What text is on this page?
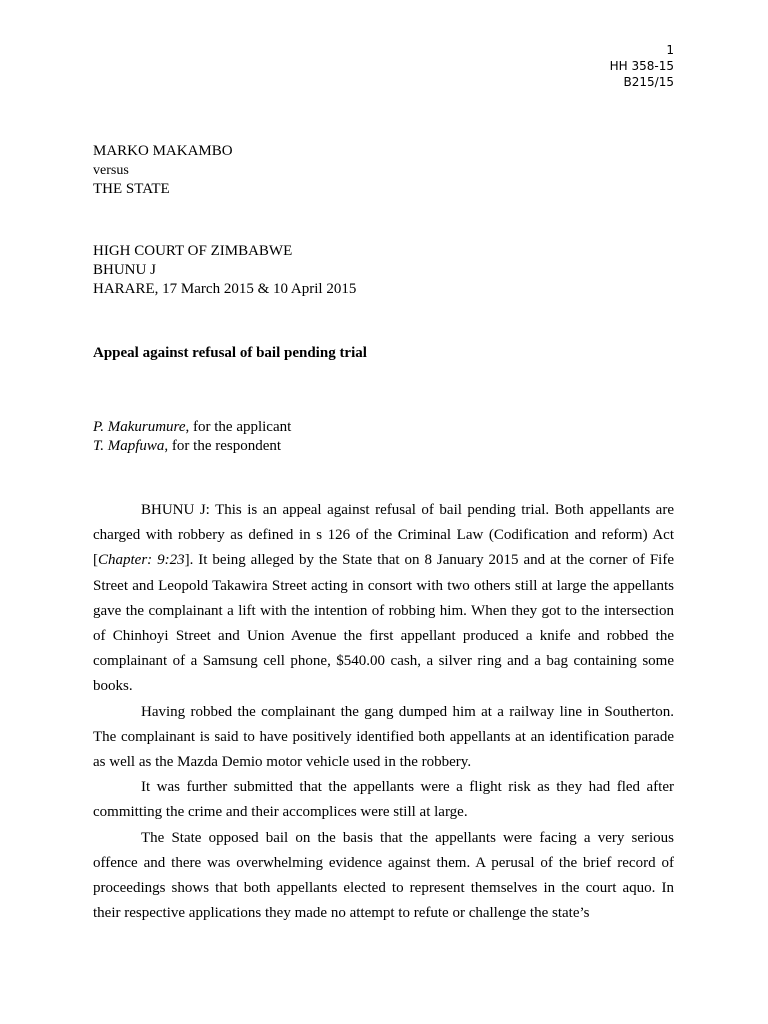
1
HH 358-15
B215/15
MARKO MAKAMBO
versus
THE STATE
HIGH COURT OF ZIMBABWE
BHUNU J
HARARE, 17 March 2015 & 10 April 2015
Appeal against refusal of bail pending trial
P. Makurumure, for the applicant
T. Mapfuwa, for the respondent

BHUNU J: This is an appeal against refusal of bail pending trial. Both appellants are charged with robbery as defined in s 126 of the Criminal Law (Codification and reform) Act [Chapter: 9:23]. It being alleged by the State that on 8 January 2015 and at the corner of Fife Street and Leopold Takawira Street acting in consort with two others still at large the appellants gave the complainant a lift with the intention of robbing him. When they got to the intersection of Chinhoyi Street and Union Avenue the first appellant produced a knife and robbed the complainant of a Samsung cell phone, $540.00 cash, a silver ring and a bag containing some books.

Having robbed the complainant the gang dumped him at a railway line in Southerton. The complainant is said to have positively identified both appellants at an identification parade as well as the Mazda Demio motor vehicle used in the robbery.

It was further submitted that the appellants were a flight risk as they had fled after committing the crime and their accomplices were still at large.

The State opposed bail on the basis that the appellants were facing a very serious offence and there was overwhelming evidence against them. A perusal of the brief record of proceedings shows that both appellants elected to represent themselves in the court aquo. In their respective applications they made no attempt to refute or challenge the state’s
